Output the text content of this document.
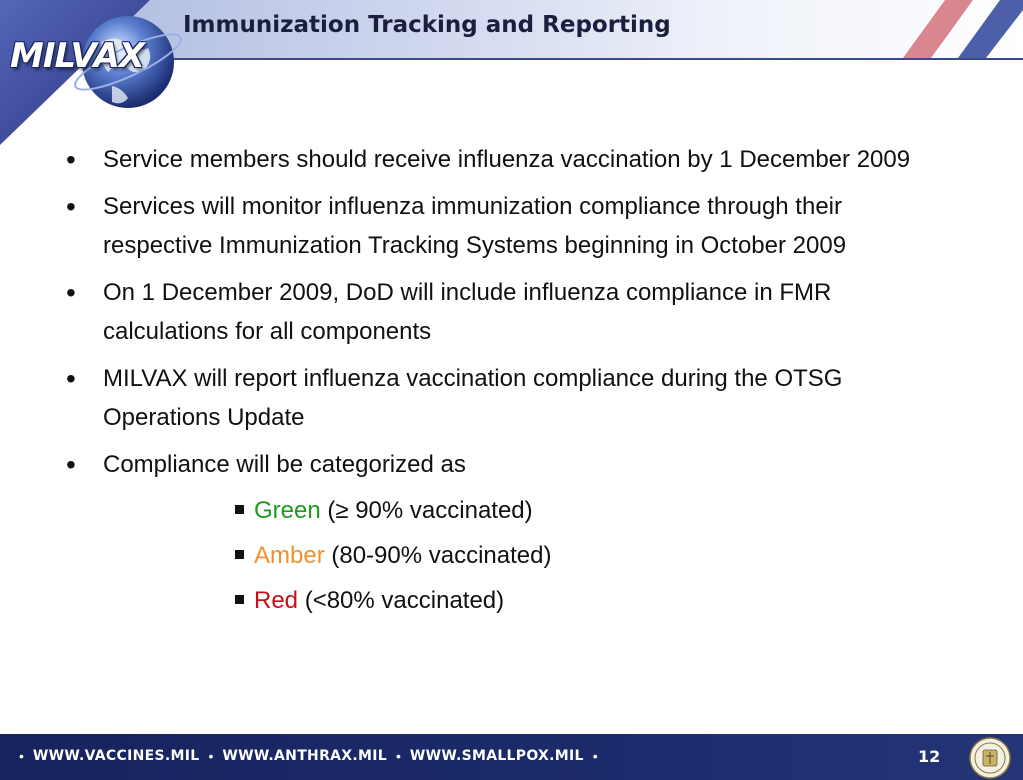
Immunization Tracking and Reporting
MILVAX
• Service members should receive influenza vaccination by 1 December 2009
• Services will monitor influenza immunization compliance through their respective Immunization Tracking Systems beginning in October 2009
• On 1 December 2009, DoD will include influenza compliance in FMR calculations for all components
• MILVAX will report influenza vaccination compliance during the OTSG Operations Update
• Compliance will be categorized as
Green (≥ 90% vaccinated)
Amber (80-90% vaccinated)
Red (<80% vaccinated)
• WWW.VACCINES.MIL • WWW.ANTHRAX.MIL • WWW.SMALLPOX.MIL •	12
